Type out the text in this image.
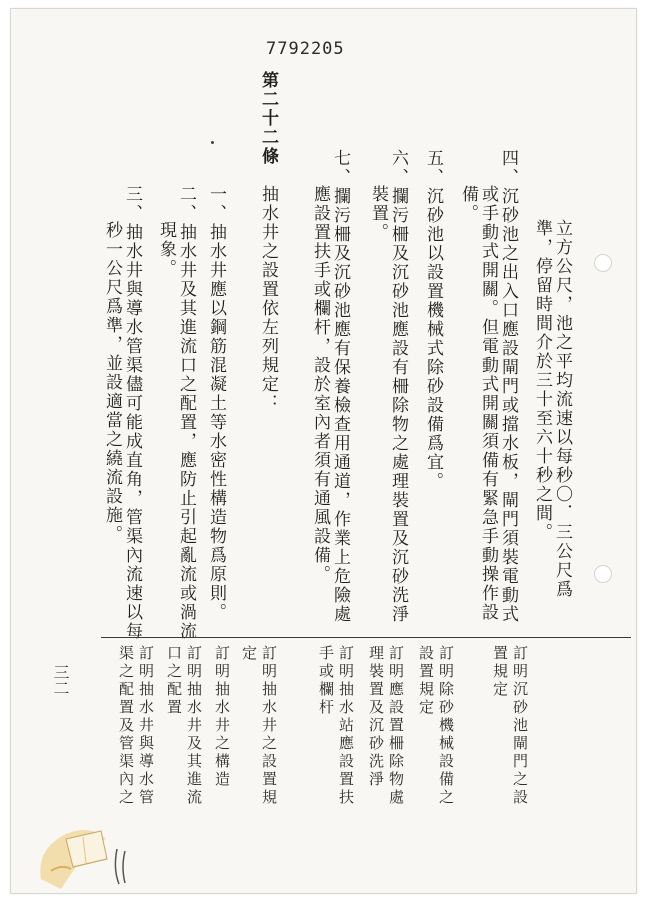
7792205
立方公尺，池之平均流速以每秒〇．三公尺爲
準，停留時間介於三十至六十秒之間。
四、沉砂池之出入口應設閘門或擋水板，閘門須裝電動式
或手動式開關。但電動式開關須備有緊急手動操作設
備。
五、沉砂池以設置機械式除砂設備爲宜。
六、攔污柵及沉砂池應設有柵除物之處理裝置及沉砂洗淨
裝置。
七、攔污柵及沉砂池應有保養檢查用通道，作業上危險處
應設置扶手或欄杆，設於室內者須有通風設備。
第二十二條
抽水井之設置依左列規定：
一、抽水井應以鋼筋混凝土等水密性構造物爲原則。
二、抽水井及其進流口之配置，應防止引起亂流或渦流
現象。
三、抽水井與導水管渠儘可能成直角，管渠內流速以每
秒一公尺爲準，並設適當之繞流設施。
訂明沉砂池閘門之設
置規定
訂明除砂機械設備之
設置規定
訂明應設置柵除物處
理裝置及沉砂洗淨
訂明抽水站應設置扶
手或欄杆
訂明抽水井之設置規
定
訂明抽水井之構造
訂明抽水井及其進流
口之配置
訂明抽水井與導水管
渠之配置及管渠內之
三二
